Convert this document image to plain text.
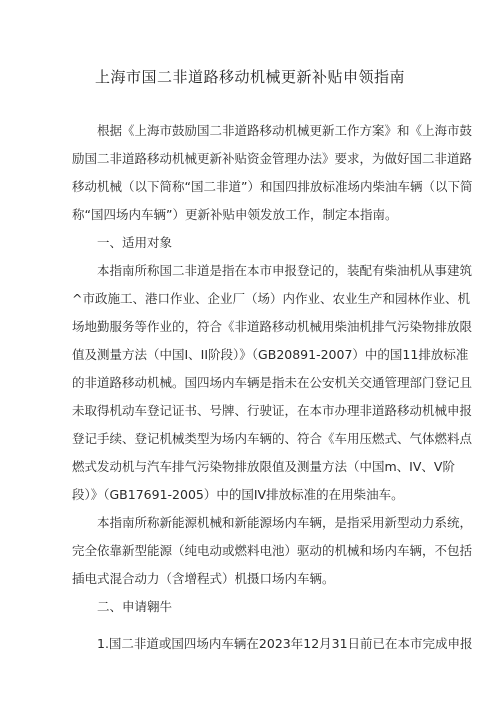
上海市国二非道路移动机械更新补贴申领指南
根据《上海市鼓励国二非道路移动机械更新工作方案》和《上海市鼓
励国二非道路移动机械更新补贴资金管理办法》要求，为做好国二非道路
移动机械（以下简称“国二非道”）和国四排放标准场内柴油车辆（以下简
称“国四场内车辆”）更新补贴申领发放工作，制定本指南。
一、适用对象
本指南所称国二非道是指在本市申报登记的，装配有柴油机从事建筑
^市政施工、港口作业、企业厂（场）内作业、农业生产和园林作业、机
场地勤服务等作业的，符合《非道路移动机械用柴油机排气污染物排放限
值及测量方法（中国I、II阶段）》（GB20891-2007）中的国11排放标准
的非道路移动机械。国四场内车辆是指未在公安机关交通管理部门登记且
未取得机动车登记证书、号牌、行驶证，在本市办理非道路移动机械申报
登记手续、登记机械类型为场内车辆的、符合《车用压燃式、气体燃料点
燃式发动机与汽车排气污染物排放限值及测量方法（中国m、IV、V阶
段）》（GB17691-2005）中的国IV排放标准的在用柴油车。
本指南所称新能源机械和新能源场内车辆，是指采用新型动力系统，
完全依靠新型能源（纯电动或燃料电池）驱动的机械和场内车辆，不包括
插电式混合动力（含增程式）机摄口场内车辆。
二、申请翱牛
1.国二非道或国四场内车辆在2023年12月31日前已在本市完成申报
